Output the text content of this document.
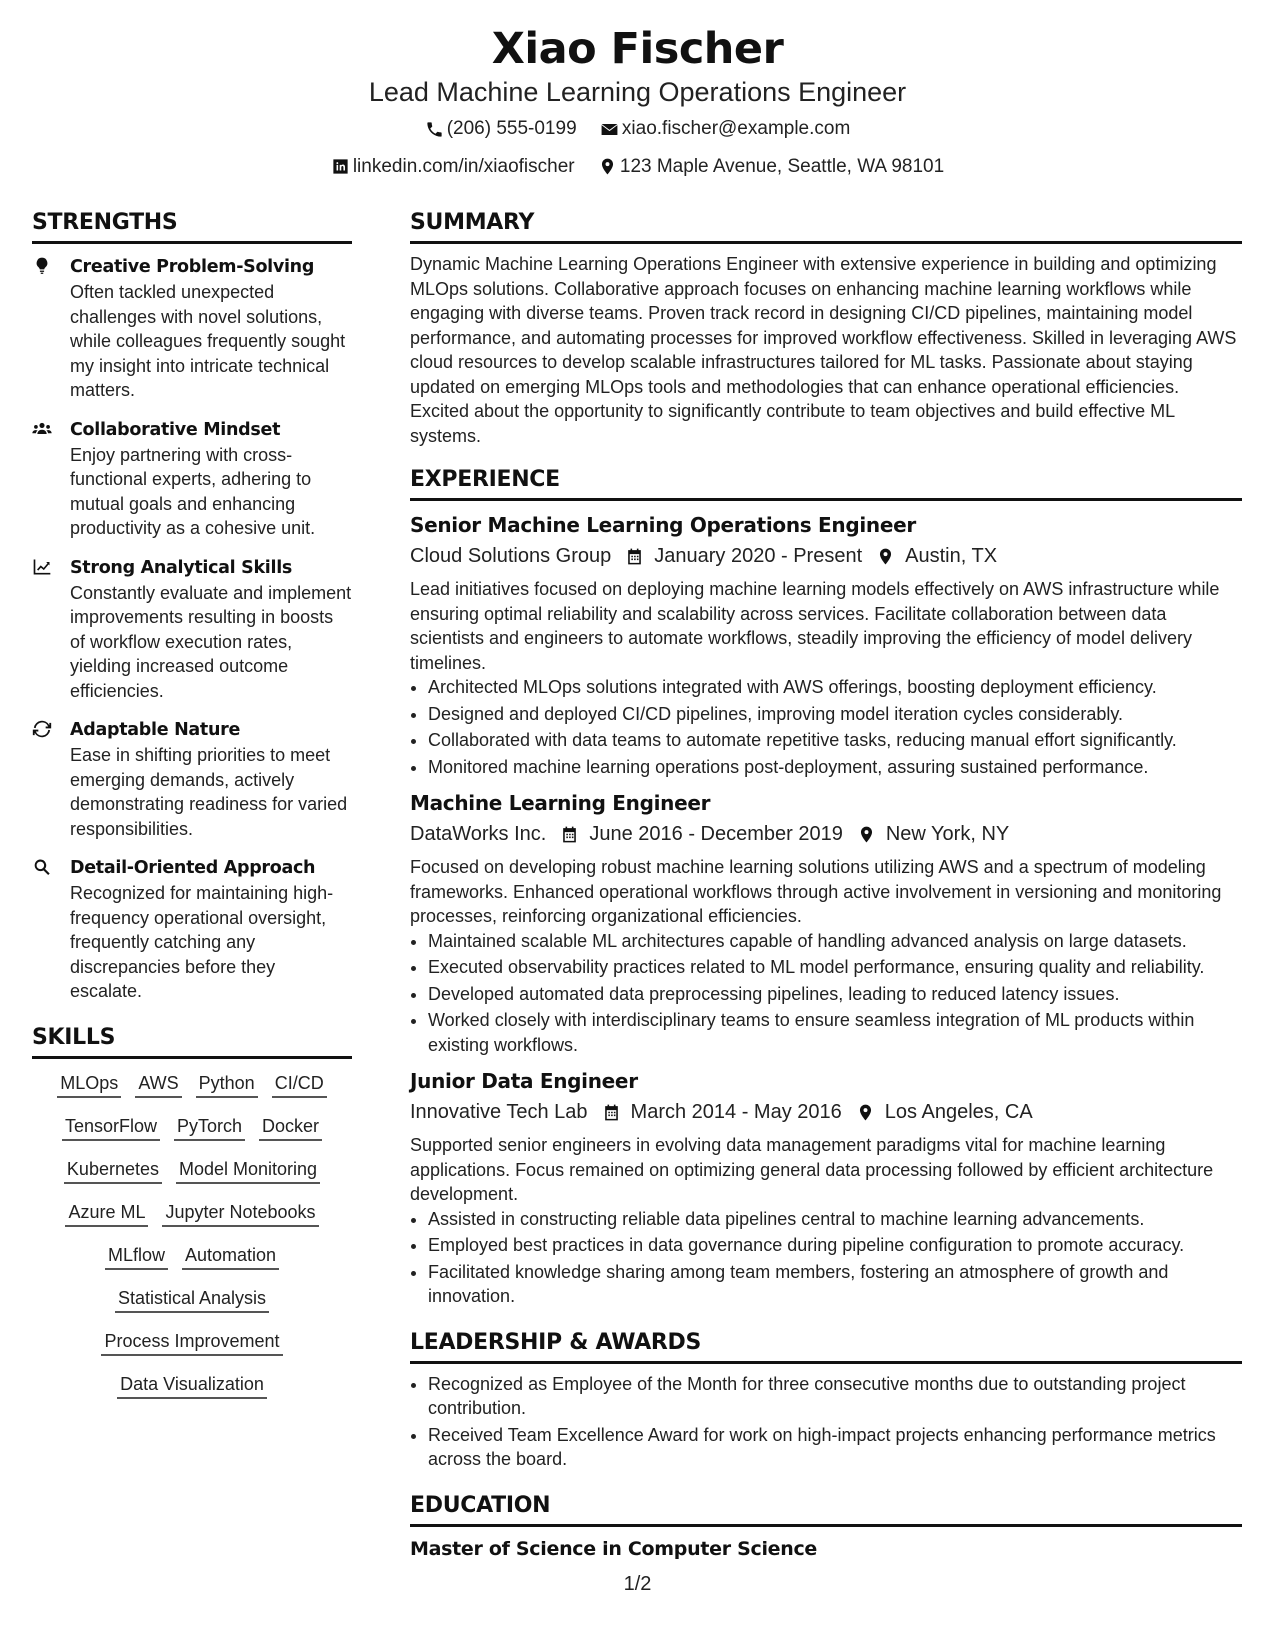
Xiao Fischer
Lead Machine Learning Operations Engineer
(206) 555-0199
xiao.fischer@example.com
linkedin.com/in/xiaofischer
123 Maple Avenue, Seattle, WA 98101
STRENGTHS
Creative Problem-Solving
Often tackled unexpected challenges with novel solutions, while colleagues frequently sought my insight into intricate technical matters.
Collaborative Mindset
Enjoy partnering with cross-functional experts, adhering to mutual goals and enhancing productivity as a cohesive unit.
Strong Analytical Skills
Constantly evaluate and implement improvements resulting in boosts of workflow execution rates, yielding increased outcome efficiencies.
Adaptable Nature
Ease in shifting priorities to meet emerging demands, actively demonstrating readiness for varied responsibilities.
Detail-Oriented Approach
Recognized for maintaining high-frequency operational oversight, frequently catching any discrepancies before they escalate.
SKILLS
MLOps AWS Python CI/CD
TensorFlow PyTorch Docker
Kubernetes Model Monitoring
Azure ML Jupyter Notebooks
MLflow Automation
Statistical Analysis
Process Improvement
Data Visualization
SUMMARY
Dynamic Machine Learning Operations Engineer with extensive experience in building and optimizing MLOps solutions. Collaborative approach focuses on enhancing machine learning workflows while engaging with diverse teams. Proven track record in designing CI/CD pipelines, maintaining model performance, and automating processes for improved workflow effectiveness. Skilled in leveraging AWS cloud resources to develop scalable infrastructures tailored for ML tasks. Passionate about staying updated on emerging MLOps tools and methodologies that can enhance operational efficiencies. Excited about the opportunity to significantly contribute to team objectives and build effective ML systems.
EXPERIENCE
Senior Machine Learning Operations Engineer
Cloud Solutions Group January 2020 - Present Austin, TX
Lead initiatives focused on deploying machine learning models effectively on AWS infrastructure while ensuring optimal reliability and scalability across services. Facilitate collaboration between data scientists and engineers to automate workflows, steadily improving the efficiency of model delivery timelines.
• Architected MLOps solutions integrated with AWS offerings, boosting deployment efficiency.
• Designed and deployed CI/CD pipelines, improving model iteration cycles considerably.
• Collaborated with data teams to automate repetitive tasks, reducing manual effort significantly.
• Monitored machine learning operations post-deployment, assuring sustained performance.
Machine Learning Engineer
DataWorks Inc. June 2016 - December 2019 New York, NY
Focused on developing robust machine learning solutions utilizing AWS and a spectrum of modeling frameworks. Enhanced operational workflows through active involvement in versioning and monitoring processes, reinforcing organizational efficiencies.
• Maintained scalable ML architectures capable of handling advanced analysis on large datasets.
• Executed observability practices related to ML model performance, ensuring quality and reliability.
• Developed automated data preprocessing pipelines, leading to reduced latency issues.
• Worked closely with interdisciplinary teams to ensure seamless integration of ML products within existing workflows.
Junior Data Engineer
Innovative Tech Lab March 2014 - May 2016 Los Angeles, CA
Supported senior engineers in evolving data management paradigms vital for machine learning applications. Focus remained on optimizing general data processing followed by efficient architecture development.
• Assisted in constructing reliable data pipelines central to machine learning advancements.
• Employed best practices in data governance during pipeline configuration to promote accuracy.
• Facilitated knowledge sharing among team members, fostering an atmosphere of growth and innovation.
LEADERSHIP & AWARDS
• Recognized as Employee of the Month for three consecutive months due to outstanding project contribution.
• Received Team Excellence Award for work on high-impact projects enhancing performance metrics across the board.
EDUCATION
Master of Science in Computer Science
1/2
